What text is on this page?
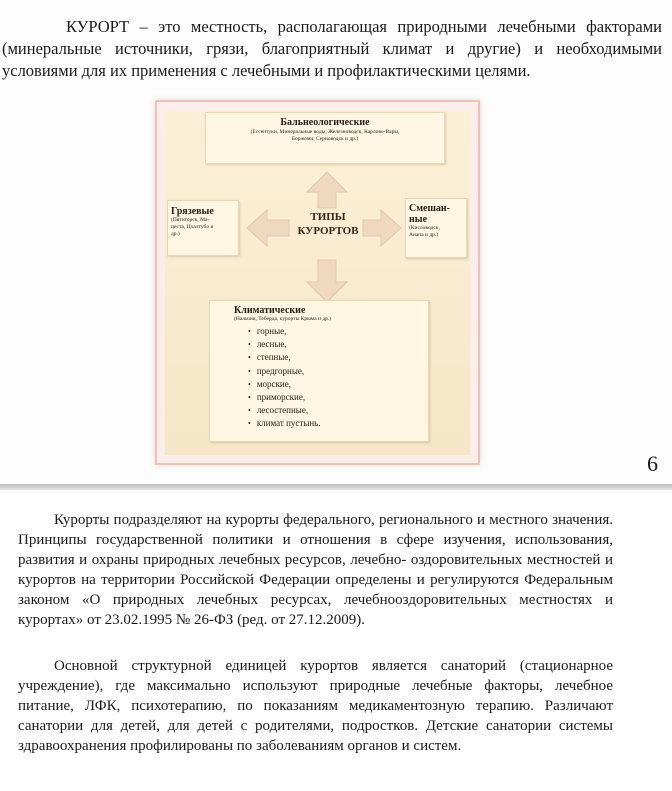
КУРОРТ – это местность, располагающая природными лечебными факторами (минеральные источники, грязи, благоприятный климат и другие) и необходимыми условиями для их применения с лечебными и профилактическими целями.
Бальнеологические
(Ессентуки, Минеральные воды, Железноводск, Карлово-Вары,
Боржоми, Серноводск и др.)
Грязевые
(Пятигорск, Ма-
цеста, Цхалтубо и
др.)
ТИПЫ
КУРОРТОВ
Смешан-
ные
(Кисловодск,
Анапа и др.)
Климатические
(Нальчик, Теберда, курорты Крыма и др.)
• горные,
• лесные,
• степные,
• предгорные,
• морские,
• приморские,
• лесостепные,
• климат пустынь.
6
Курорты подразделяют на курорты федерального, регионального и местного значения. Принципы государственной политики и отношения в сфере изучения, использования, развития и охраны природных лечебных ресурсов, лечебно- оздоровительных местностей и курортов на территории Российской Федерации определены и регулируются Федеральным законом «О природных лечебных ресурсах, лечебнооздоровительных местностях и курортах» от 23.02.1995 № 26-ФЗ (ред. от 27.12.2009).
Основной структурной единицей курортов является санаторий (стационарное учреждение), где максимально используют природные лечебные факторы, лечебное питание, ЛФК, психотерапию, по показаниям медикаментозную терапию. Различают санатории для детей, для детей с родителями, подростков. Детские санатории системы здравоохранения профилированы по заболеваниям органов и систем.
